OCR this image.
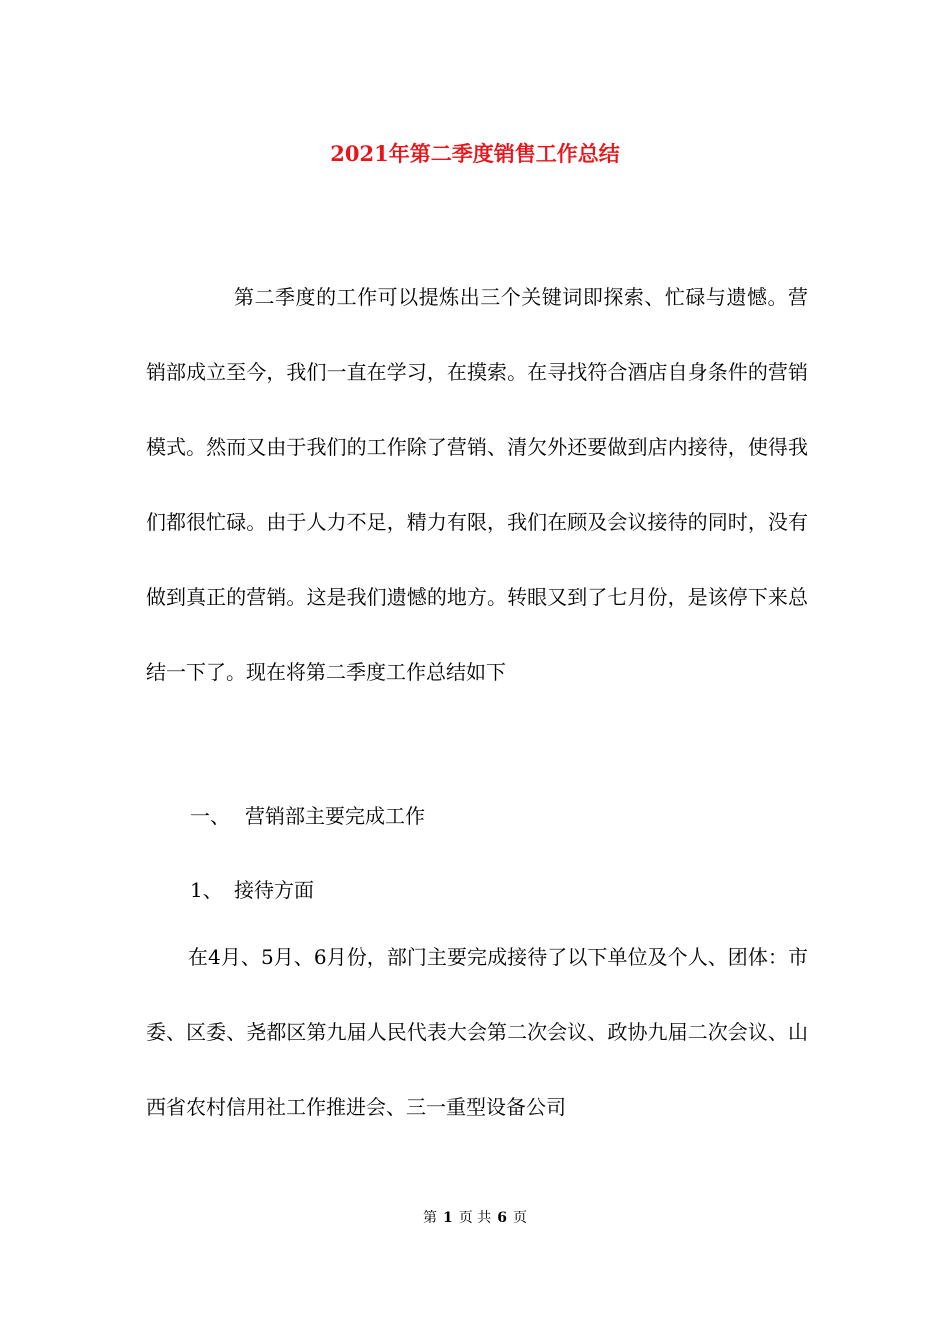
2021年第二季度销售工作总结

第二季度的工作可以提炼出三个关键词即探索、忙碌与遗憾。营销部成立至今，我们一直在学习，在摸索。在寻找符合酒店自身条件的营销模式。然而又由于我们的工作除了营销、清欠外还要做到店内接待，使得我们都很忙碌。由于人力不足，精力有限，我们在顾及会议接待的同时，没有做到真正的营销。这是我们遗憾的地方。转眼又到了七月份，是该停下来总结一下了。现在将第二季度工作总结如下

一、 营销部主要完成工作
1、 接待方面

在4月、5月、6月份，部门主要完成接待了以下单位及个人、团体：市委、区委、尧都区第九届人民代表大会第二次会议、政协九届二次会议、山西省农村信用社工作推进会、三一重型设备公司

第 1 页 共 6 页
